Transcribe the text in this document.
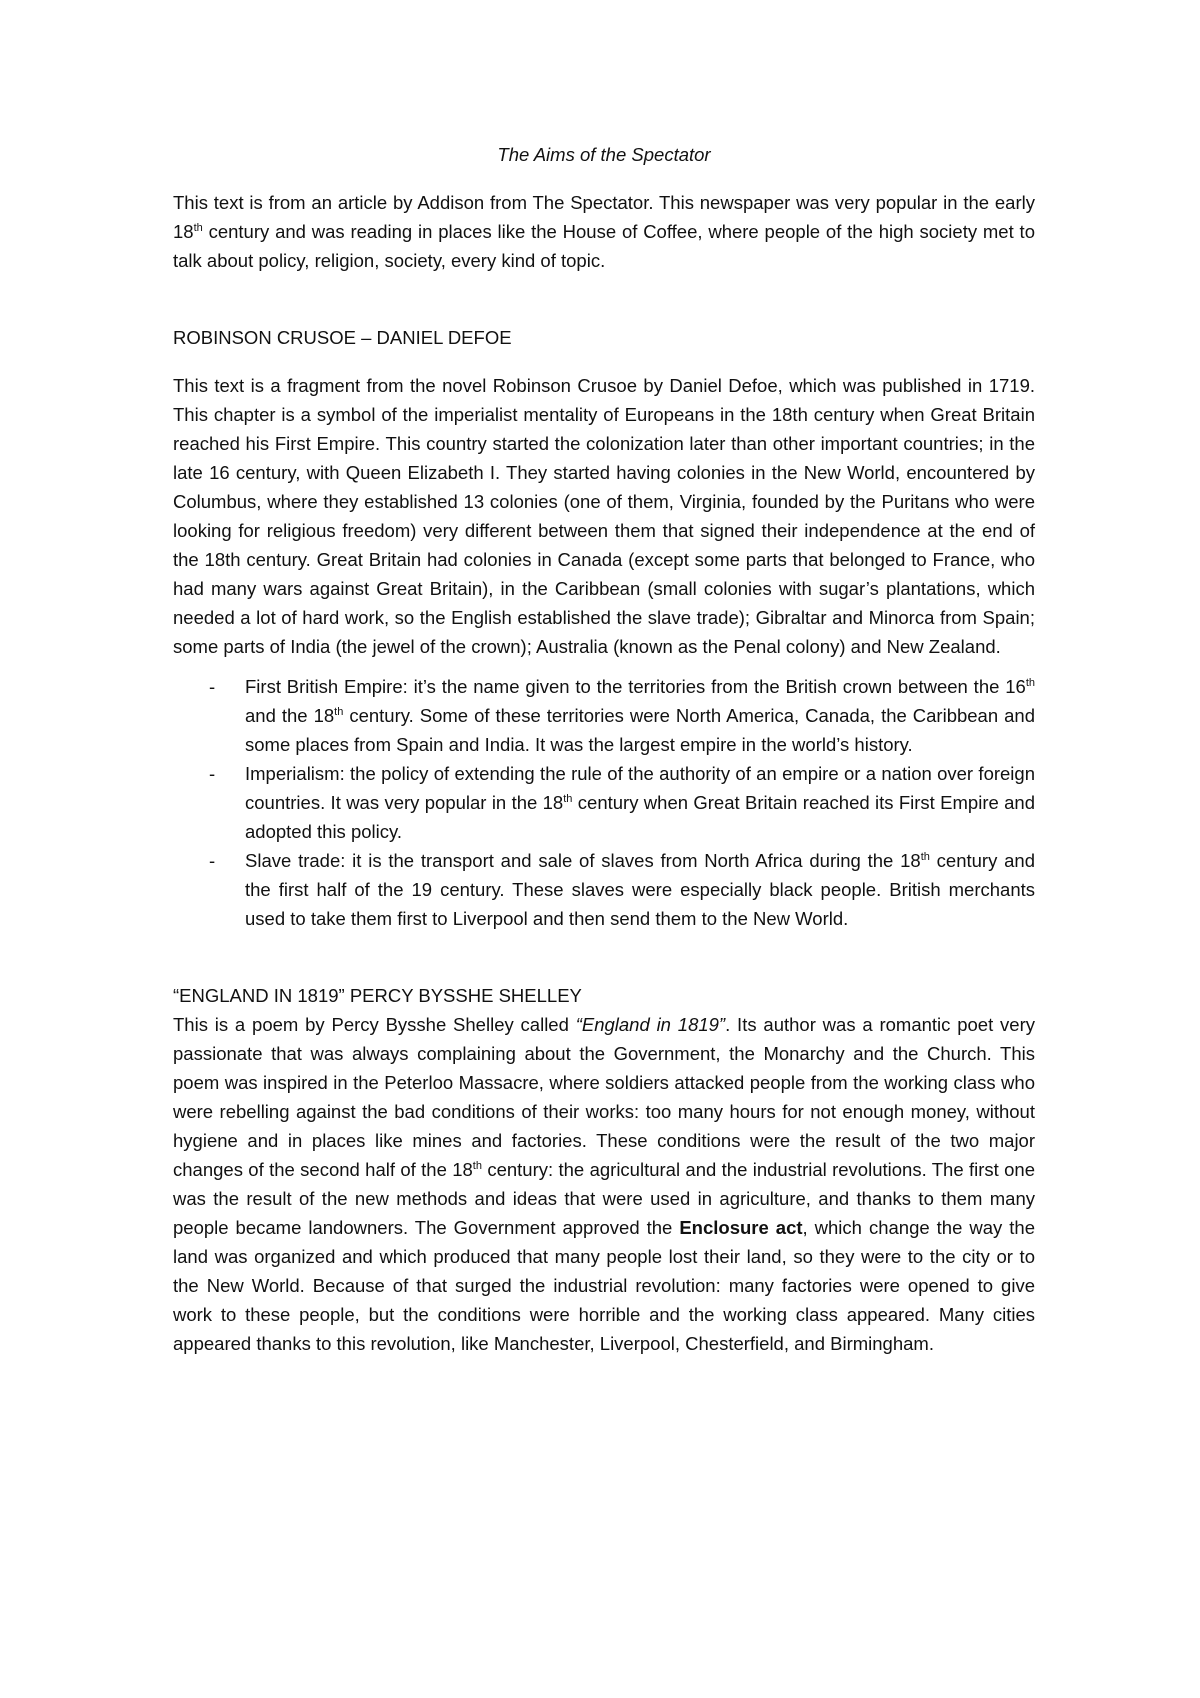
The Aims of the Spectator

This text is from an article by Addison from The Spectator. This newspaper was very popular in the early 18th century and was reading in places like the House of Coffee, where people of the high society met to talk about policy, religion, society, every kind of topic.

ROBINSON CRUSOE – DANIEL DEFOE

This text is a fragment from the novel Robinson Crusoe by Daniel Defoe, which was published in 1719. This chapter is a symbol of the imperialist mentality of Europeans in the 18th century when Great Britain reached his First Empire. This country started the colonization later than other important countries; in the late 16 century, with Queen Elizabeth I. They started having colonies in the New World, encountered by Columbus, where they established 13 colonies (one of them, Virginia, founded by the Puritans who were looking for religious freedom) very different between them that signed their independence at the end of the 18th century. Great Britain had colonies in Canada (except some parts that belonged to France, who had many wars against Great Britain), in the Caribbean (small colonies with sugar’s plantations, which needed a lot of hard work, so the English established the slave trade); Gibraltar and Minorca from Spain; some parts of India (the jewel of the crown); Australia (known as the Penal colony) and New Zealand.

- First British Empire: it’s the name given to the territories from the British crown between the 16th and the 18th century. Some of these territories were North America, Canada, the Caribbean and some places from Spain and India. It was the largest empire in the world’s history.
- Imperialism: the policy of extending the rule of the authority of an empire or a nation over foreign countries. It was very popular in the 18th century when Great Britain reached its First Empire and adopted this policy.
- Slave trade: it is the transport and sale of slaves from North Africa during the 18th century and the first half of the 19 century. These slaves were especially black people. British merchants used to take them first to Liverpool and then send them to the New World.

“ENGLAND IN 1819” PERCY BYSSHE SHELLEY

This is a poem by Percy Bysshe Shelley called “England in 1819”. Its author was a romantic poet very passionate that was always complaining about the Government, the Monarchy and the Church. This poem was inspired in the Peterloo Massacre, where soldiers attacked people from the working class who were rebelling against the bad conditions of their works: too many hours for not enough money, without hygiene and in places like mines and factories. These conditions were the result of the two major changes of the second half of the 18th century: the agricultural and the industrial revolutions. The first one was the result of the new methods and ideas that were used in agriculture, and thanks to them many people became landowners. The Government approved the Enclosure act, which change the way the land was organized and which produced that many people lost their land, so they were to the city or to the New World. Because of that surged the industrial revolution: many factories were opened to give work to these people, but the conditions were horrible and the working class appeared. Many cities appeared thanks to this revolution, like Manchester, Liverpool, Chesterfield, and Birmingham.
